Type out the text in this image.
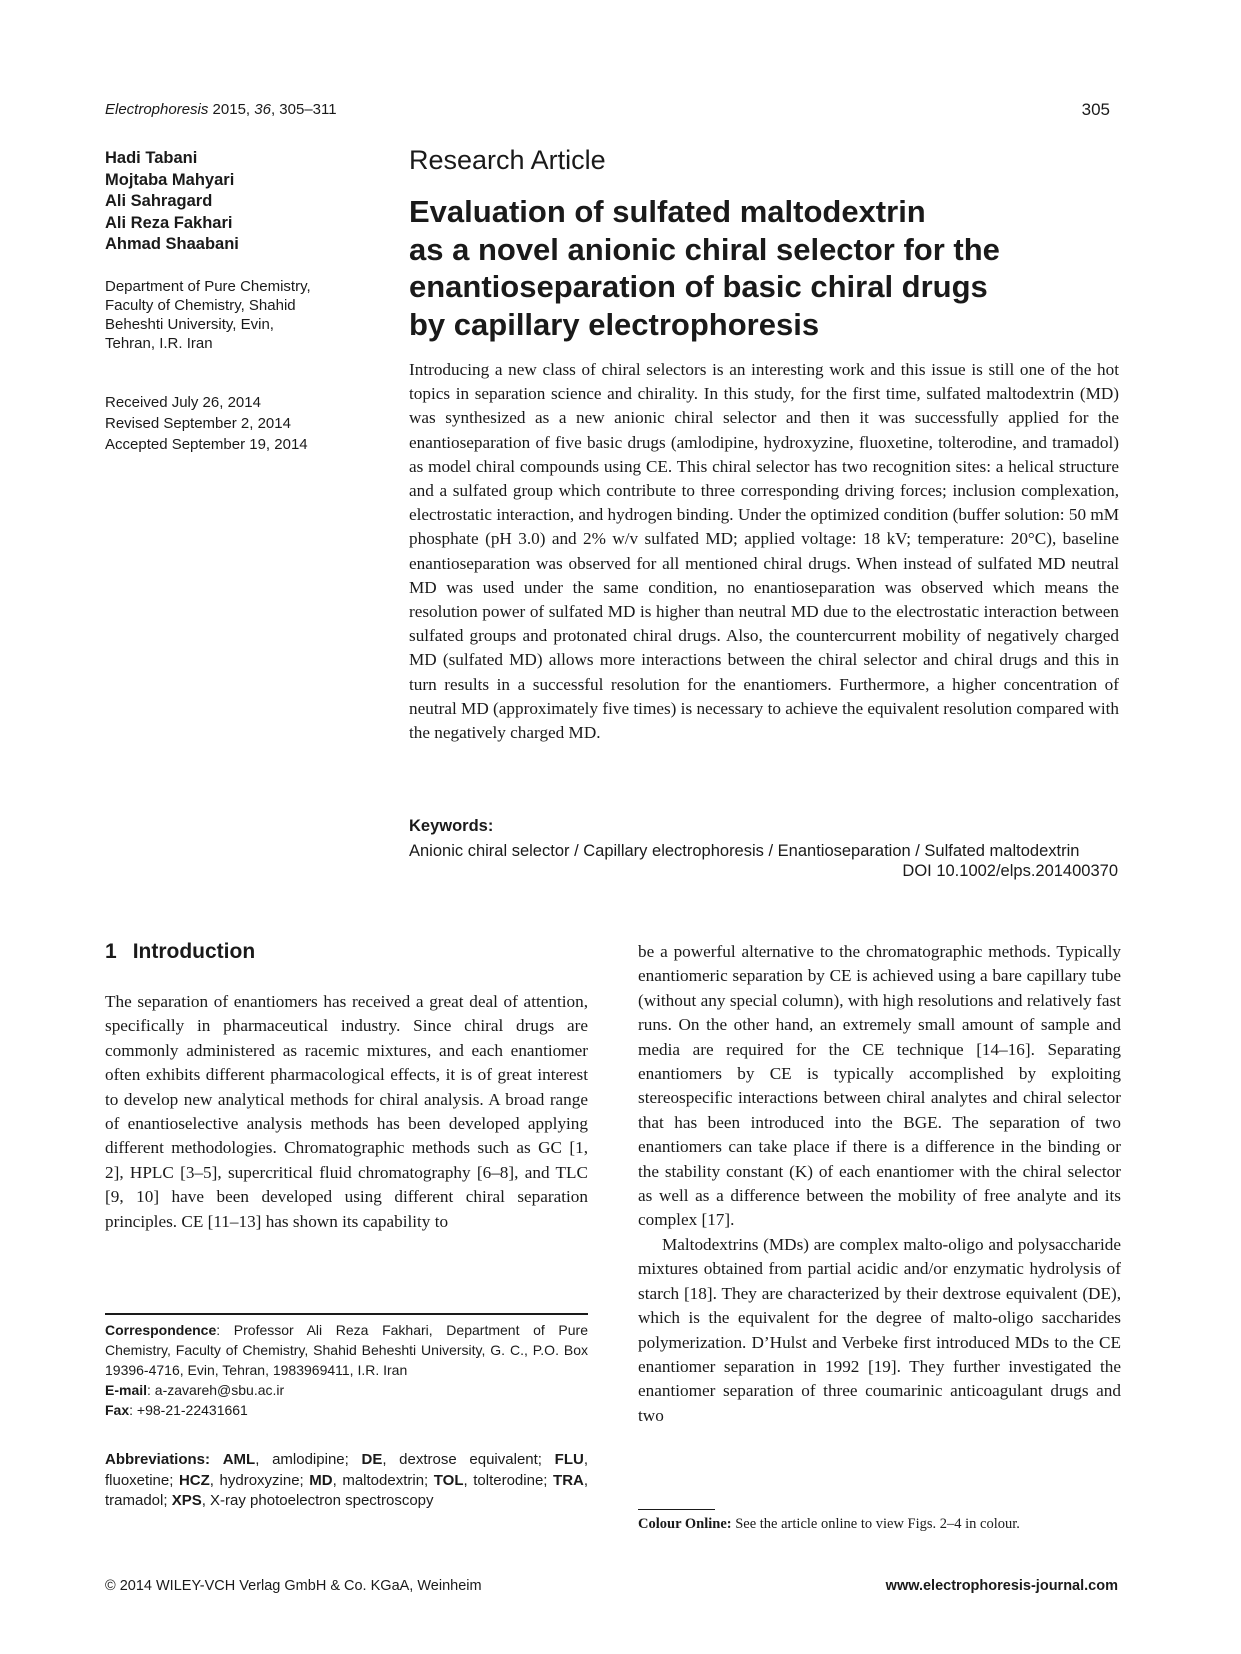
Electrophoresis 2015, 36, 305–311	305
Hadi Tabani
Mojtaba Mahyari
Ali Sahragard
Ali Reza Fakhari
Ahmad Shaabani
Department of Pure Chemistry,
Faculty of Chemistry, Shahid
Beheshti University, Evin,
Tehran, I.R. Iran
Received July 26, 2014
Revised September 2, 2014
Accepted September 19, 2014
Research Article
Evaluation of sulfated maltodextrin
as a novel anionic chiral selector for the
enantioseparation of basic chiral drugs
by capillary electrophoresis
Introducing a new class of chiral selectors is an interesting work and this issue is still one of the hot topics in separation science and chirality. In this study, for the first time, sulfated maltodextrin (MD) was synthesized as a new anionic chiral selector and then it was successfully applied for the enantioseparation of five basic drugs (amlodipine, hydroxyzine, fluoxetine, tolterodine, and tramadol) as model chiral compounds using CE. This chiral selector has two recognition sites: a helical structure and a sulfated group which contribute to three corresponding driving forces; inclusion complexation, electrostatic interaction, and hydrogen binding. Under the optimized condition (buffer solution: 50 mM phosphate (pH 3.0) and 2% w/v sulfated MD; applied voltage: 18 kV; temperature: 20°C), baseline enantioseparation was observed for all mentioned chiral drugs. When instead of sulfated MD neutral MD was used under the same condition, no enantioseparation was observed which means the resolution power of sulfated MD is higher than neutral MD due to the electrostatic interaction between sulfated groups and protonated chiral drugs. Also, the countercurrent mobility of negatively charged MD (sulfated MD) allows more interactions between the chiral selector and chiral drugs and this in turn results in a successful resolution for the enantiomers. Furthermore, a higher concentration of neutral MD (approximately five times) is necessary to achieve the equivalent resolution compared with the negatively charged MD.
Keywords:
Anionic chiral selector / Capillary electrophoresis / Enantioseparation / Sulfated maltodextrin
DOI 10.1002/elps.201400370
1 Introduction
The separation of enantiomers has received a great deal of attention, specifically in pharmaceutical industry. Since chiral drugs are commonly administered as racemic mixtures, and each enantiomer often exhibits different pharmacological effects, it is of great interest to develop new analytical methods for chiral analysis. A broad range of enantioselective analysis methods has been developed applying different methodologies. Chromatographic methods such as GC [1, 2], HPLC [3–5], supercritical fluid chromatography [6–8], and TLC [9, 10] have been developed using different chiral separation principles. CE [11–13] has shown its capability to

be a powerful alternative to the chromatographic methods. Typically enantiomeric separation by CE is achieved using a bare capillary tube (without any special column), with high resolutions and relatively fast runs. On the other hand, an extremely small amount of sample and media are required for the CE technique [14–16]. Separating enantiomers by CE is typically accomplished by exploiting stereospecific interactions between chiral analytes and chiral selector that has been introduced into the BGE. The separation of two enantiomers can take place if there is a difference in the binding or the stability constant (K) of each enantiomer with the chiral selector as well as a difference between the mobility of free analyte and its complex [17].

Maltodextrins (MDs) are complex malto-oligo and polysaccharide mixtures obtained from partial acidic and/or enzymatic hydrolysis of starch [18]. They are characterized by their dextrose equivalent (DE), which is the equivalent for the degree of malto-oligo saccharides polymerization. D’Hulst and Verbeke first introduced MDs to the CE enantiomer separation in 1992 [19]. They further investigated the enantiomer separation of three coumarinic anticoagulant drugs and two

Correspondence: Professor Ali Reza Fakhari, Department of Pure Chemistry, Faculty of Chemistry, Shahid Beheshti University, G. C., P.O. Box 19396-4716, Evin, Tehran, 1983969411, I.R. Iran
E-mail: a-zavareh@sbu.ac.ir
Fax: +98-21-22431661
Abbreviations: AML, amlodipine; DE, dextrose equivalent; FLU, fluoxetine; HCZ, hydroxyzine; MD, maltodextrin; TOL, tolterodine; TRA, tramadol; XPS, X-ray photoelectron spectroscopy
Colour Online: See the article online to view Figs. 2–4 in colour.
© 2014 WILEY-VCH Verlag GmbH & Co. KGaA, Weinheim	www.electrophoresis-journal.com
